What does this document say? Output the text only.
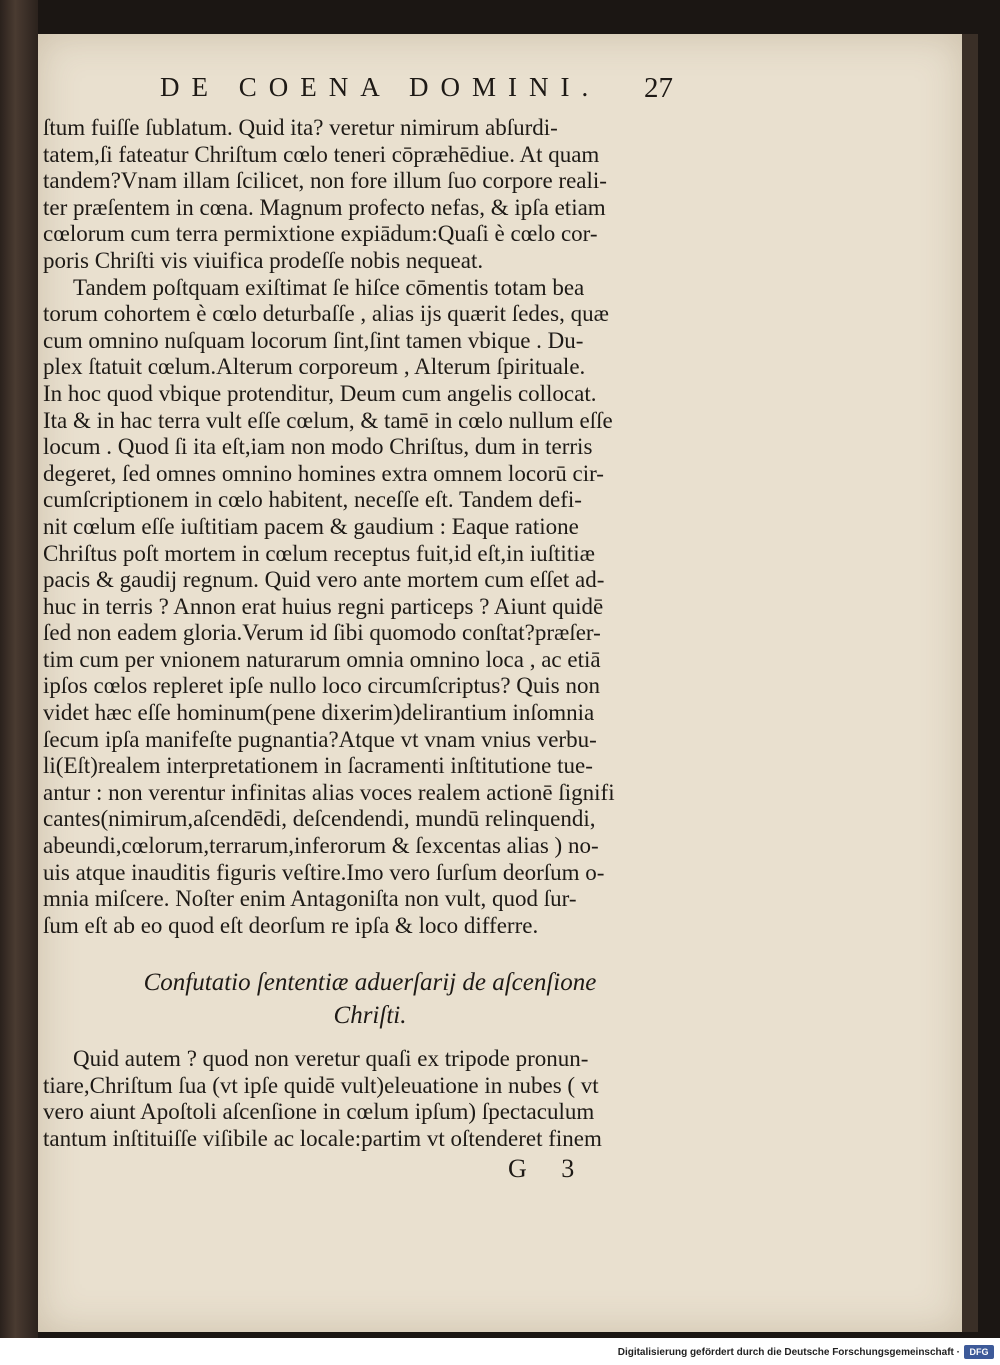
DE COENA DOMINI. 27
ſtum fuiſſe ſublatum. Quid ita? veretur nimirum abſurdi-
tatem,ſi fateatur Chriſtum cœlo teneri cōpræhēdiue. At quam
tandem?Vnam illam ſcilicet, non fore illum ſuo corpore reali-
ter præſentem in cœna. Magnum profecto nefas, & ipſa etiam
cœlorum cum terra permixtione expiādum:Quaſi è cœlo cor-
poris Chriſti vis viuifica prodeſſe nobis nequeat.
Tandem poſtquam exiſtimat ſe hiſce cōmentis totam bea
torum cohortem è cœlo deturbaſſe , alias ijs quærit ſedes, quæ
cum omnino nuſquam locorum ſint,ſint tamen vbique . Du-
plex ſtatuit cœlum.Alterum corporeum , Alterum ſpirituale.
In hoc quod vbique protenditur, Deum cum angelis collocat.
Ita & in hac terra vult eſſe cœlum, & tamē in cœlo nullum eſſe
locum . Quod ſi ita eſt,iam non modo Chriſtus, dum in terris
degeret, ſed omnes omnino homines extra omnem locorū cir-
cumſcriptionem in cœlo habitent, neceſſe eſt. Tandem defi-
nit cœlum eſſe iuſtitiam pacem & gaudium : Eaque ratione
Chriſtus poſt mortem in cœlum receptus fuit,id eſt,in iuſtitiæ
pacis & gaudij regnum. Quid vero ante mortem cum eſſet ad-
huc in terris ? Annon erat huius regni particeps ? Aiunt quidē
ſed non eadem gloria.Verum id ſibi quomodo conſtat?præſer-
tim cum per vnionem naturarum omnia omnino loca , ac etiā
ipſos cœlos repleret ipſe nullo loco circumſcriptus? Quis non
videt hæc eſſe hominum(pene dixerim)delirantium inſomnia
ſecum ipſa manifeſte pugnantia?Atque vt vnam vnius verbu-
li(Eſt)realem interpretationem in ſacramenti inſtitutione tue-
antur : non verentur infinitas alias voces realem actionē ſignifi
cantes(nimirum,aſcendēdi, deſcendendi, mundū relinquendi,
abeundi,cœlorum,terrarum,inferorum & ſexcentas alias ) no-
uis atque inauditis figuris veſtire.Imo vero ſurſum deorſum o-
mnia miſcere. Noſter enim Antagoniſta non vult, quod ſur-
ſum eſt ab eo quod eſt deorſum re ipſa & loco differre.
Confutatio ſententiæ aduerſarij de aſcenſione
Chriſti.
Quid autem ? quod non veretur quaſi ex tripode pronun-
tiare,Chriſtum ſua (vt ipſe quidē vult)eleuatione in nubes ( vt
vero aiunt Apoſtoli aſcenſione in cœlum ipſum) ſpectaculum
tantum inſtituiſſe viſibile ac locale:partim vt oſtenderet finem
G 3
Digitalisierung gefördert durch die Deutsche Forschungsgemeinschaft ·	DFG
